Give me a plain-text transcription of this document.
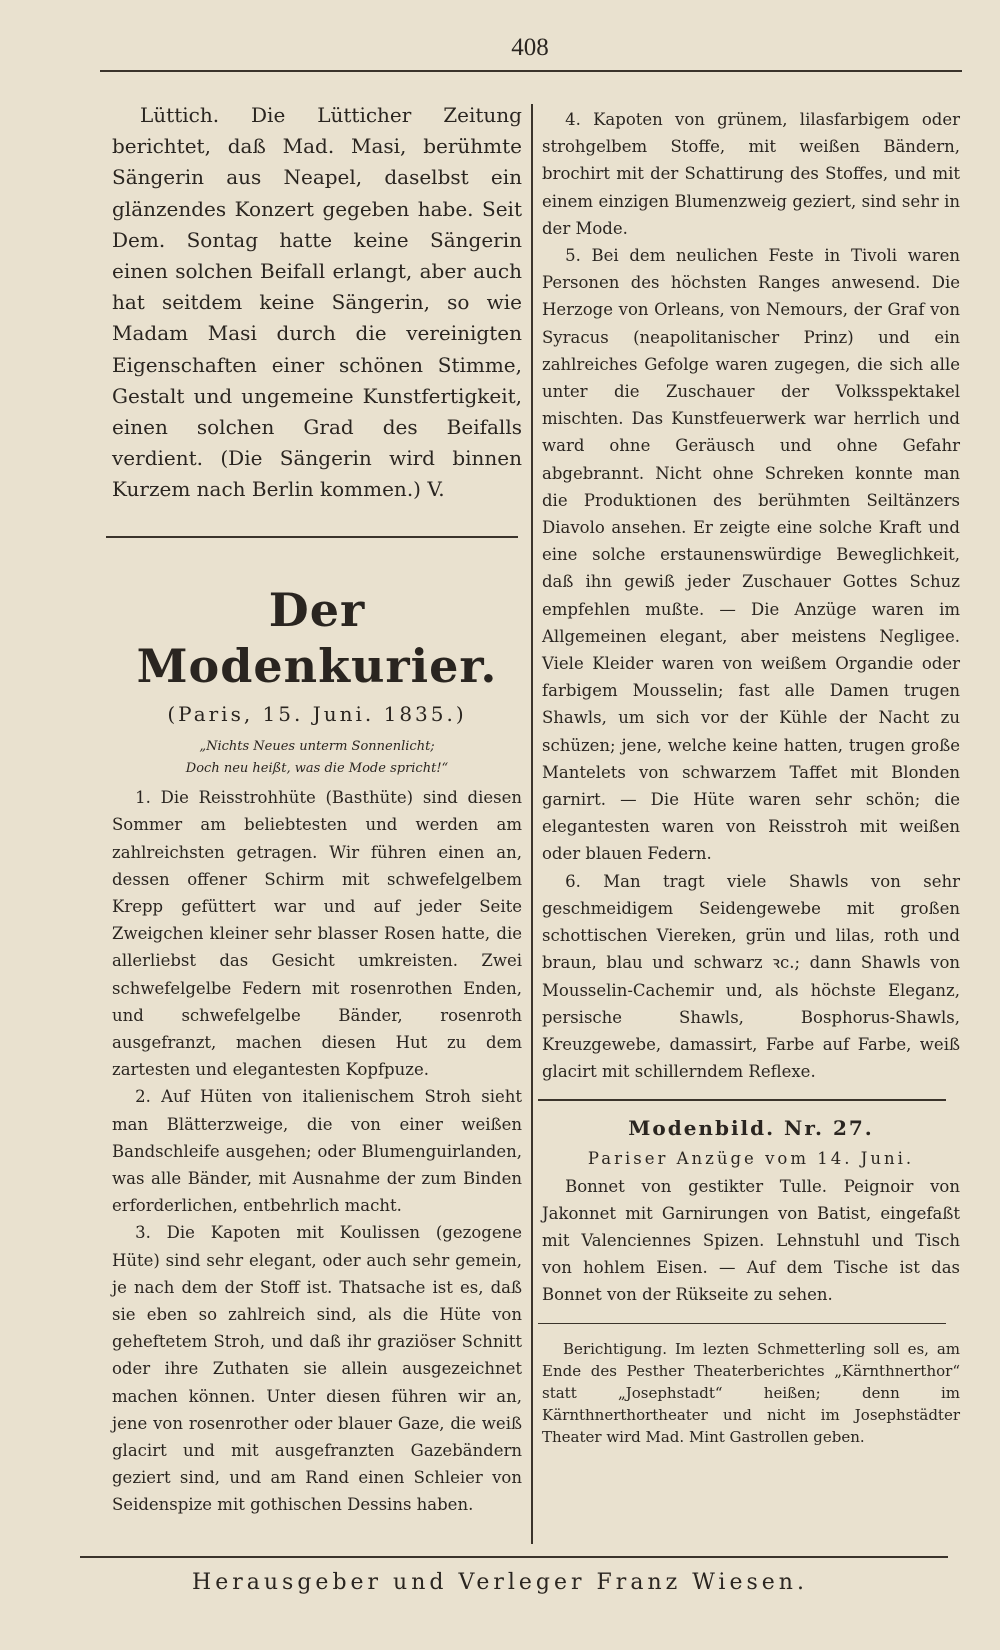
408

Lüttich. Die Lütticher Zeitung berichtet, daß Mad. Masi, berühmte Sängerin aus Neapel, daselbst ein glänzendes Konzert gegeben habe. Seit Dem. Sontag hatte keine Sängerin einen solchen Beifall erlangt, aber auch hat seitdem keine Sängerin, so wie Madam Masi durch die vereinigten Eigenschaften einer schönen Stimme, Gestalt und ungemeine Kunstfertigkeit, einen solchen Grad des Beifalls verdient. (Die Sängerin wird binnen Kurzem nach Berlin kommen.) V.

Der Modenkurier.
(Paris, 15. Juni. 1835.)
„Nichts Neues unterm Sonnenlicht;
Doch neu heißt, was die Mode spricht!“

1. Die Reisstrohhüte (Basthüte) sind diesen Sommer am beliebtesten und werden am zahlreichsten getragen. Wir führen einen an, dessen offener Schirm mit schwefelgelbem Krepp gefüttert war und auf jeder Seite Zweigchen kleiner sehr blasser Rosen hatte, die allerliebst das Gesicht umkreisten. Zwei schwefelgelbe Federn mit rosenrothen Enden, und schwefelgelbe Bänder, rosenroth ausgefranzt, machen diesen Hut zu dem zartesten und elegantesten Kopfpuze.

2. Auf Hüten von italienischem Stroh sieht man Blätterzweige, die von einer weißen Bandschleife ausgehen; oder Blumenguirlanden, was alle Bänder, mit Ausnahme der zum Binden erforderlichen, entbehrlich macht.

3. Die Kapoten mit Koulissen (gezogene Hüte) sind sehr elegant, oder auch sehr gemein, je nach dem der Stoff ist. Thatsache ist es, daß sie eben so zahlreich sind, als die Hüte von geheftetem Stroh, und daß ihr graziöser Schnitt oder ihre Zuthaten sie allein ausgezeichnet machen können. Unter diesen führen wir an, jene von rosenrother oder blauer Gaze, die weiß glacirt und mit ausgefranzten Gazebändern geziert sind, und am Rand einen Schleier von Seidenspize mit gothischen Dessins haben.

4. Kapoten von grünem, lilasfarbigem oder strohgelbem Stoffe, mit weißen Bändern, brochirt mit der Schattirung des Stoffes, und mit einem einzigen Blumenzweig geziert, sind sehr in der Mode.

5. Bei dem neulichen Feste in Tivoli waren Personen des höchsten Ranges anwesend. Die Herzoge von Orleans, von Nemours, der Graf von Syracus (neapolitanischer Prinz) und ein zahlreiches Gefolge waren zugegen, die sich alle unter die Zuschauer der Volksspektakel mischten. Das Kunstfeuerwerk war herrlich und ward ohne Geräusch und ohne Gefahr abgebrannt. Nicht ohne Schreken konnte man die Produktionen des berühmten Seiltänzers Diavolo ansehen. Er zeigte eine solche Kraft und eine solche erstaunenswürdige Beweglichkeit, daß ihn gewiß jeder Zuschauer Gottes Schuz empfehlen mußte. — Die Anzüge waren im Allgemeinen elegant, aber meistens Negligee. Viele Kleider waren von weißem Organdie oder farbigem Mousselin; fast alle Damen trugen Shawls, um sich vor der Kühle der Nacht zu schüzen; jene, welche keine hatten, trugen große Mantelets von schwarzem Taffet mit Blonden garnirt. — Die Hüte waren sehr schön; die elegantesten waren von Reisstroh mit weißen oder blauen Federn.

6. Man tragt viele Shawls von sehr geschmeidigem Seidengewebe mit großen schottischen Viereken, grün und lilas, roth und braun, blau und schwarz ꝛc.; dann Shawls von Mousselin-Cachemir und, als höchste Eleganz, persische Shawls, Bosphorus-Shawls, Kreuzgewebe, damassirt, Farbe auf Farbe, weiß glacirt mit schillerndem Reflexe.

Modenbild. Nr. 27.

Pariser Anzüge vom 14. Juni.

Bonnet von gestikter Tulle. Peignoir von Jakonnet mit Garnirungen von Batist, eingefaßt mit Valenciennes Spizen. Lehnstuhl und Tisch von hohlem Eisen. — Auf dem Tische ist das Bonnet von der Rükseite zu sehen.

Berichtigung. Im lezten Schmetterling soll es, am Ende des Pesther Theaterberichtes „Kärnthnerthor“ statt „Josephstadt“ heißen; denn im Kärnthnerthortheater und nicht im Josephstädter Theater wird Mad. Mint Gastrollen geben.

Herausgeber und Verleger Franz Wiesen.
